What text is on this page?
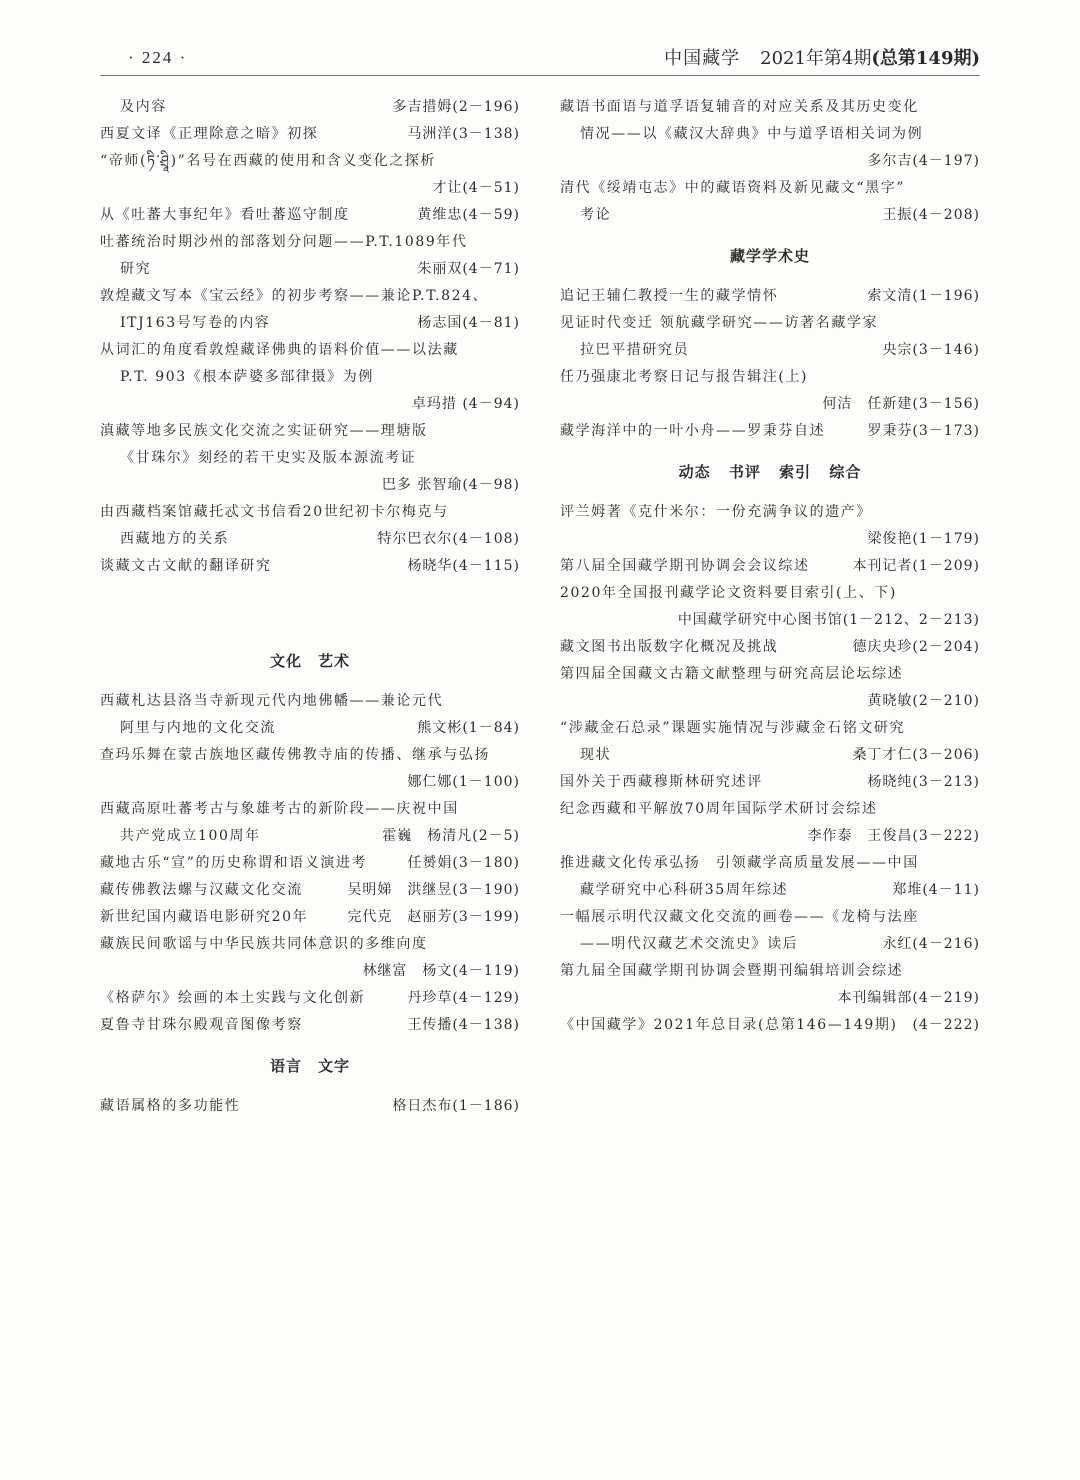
· 224 ·	中国藏学 2021年第4期(总第149期)
及内容	多吉措姆(2－196)
西夏文译《正理除意之暗》初探	马洲洋(3－138)
“帝师(ཏི་ཤྲཱི)”名号在西藏的使用和含义变化之探析
才让(4－51)
从《吐蕃大事纪年》看吐蕃巡守制度	黄维忠(4－59)
吐蕃统治时期沙州的部落划分问题——P.T.1089年代
研究	朱丽双(4－71)
敦煌藏文写本《宝云经》的初步考察——兼论P.T.824、
ITJ163号写卷的内容	杨志国(4－81)
从词汇的角度看敦煌藏译佛典的语料价值——以法藏
P.T. 903《根本萨婆多部律摄》为例
卓玛措 (4－94)
滇藏等地多民族文化交流之实证研究——理塘版
《甘珠尔》刻经的若干史实及版本源流考证
巴多 张智瑜(4－98)
由西藏档案馆藏托忒文书信看20世纪初卡尔梅克与
西藏地方的关系	特尔巴衣尔(4－108)
谈藏文古文献的翻译研究	杨晓华(4－115)
文化　艺术
西藏札达县洛当寺新现元代内地佛幡——兼论元代
阿里与内地的文化交流	熊文彬(1－84)
查玛乐舞在蒙古族地区藏传佛教寺庙的传播、继承与弘扬
娜仁娜(1－100)
西藏高原吐蕃考古与象雄考古的新阶段——庆祝中国
共产党成立100周年	霍巍　杨清凡(2－5)
藏地古乐“宣”的历史称谓和语义演进考	任赟娟(3－180)
藏传佛教法螺与汉藏文化交流	吴明娣　洪继昱(3－190)
新世纪国内藏语电影研究20年	完代克　赵丽芳(3－199)
藏族民间歌谣与中华民族共同体意识的多维向度
林继富　杨文(4－119)
《格萨尔》绘画的本土实践与文化创新	丹珍草(4－129)
夏鲁寺甘珠尔殿观音图像考察	王传播(4－138)
语言　文字
藏语属格的多功能性	格日杰布(1－186)
藏语书面语与道孚语复辅音的对应关系及其历史变化
情况——以《藏汉大辞典》中与道孚语相关词为例
多尔吉(4－197)
清代《绥靖屯志》中的藏语资料及新见藏文“黑字”
考论	王振(4－208)
藏学学术史
追记王辅仁教授一生的藏学情怀	索文清(1－196)
见证时代变迁 领航藏学研究——访著名藏学家
拉巴平措研究员	央宗(3－146)
任乃强康北考察日记与报告辑注(上)
何洁　任新建(3－156)
藏学海洋中的一叶小舟——罗秉芬自述	罗秉芬(3－173)
动态 书评 索引 综合
评兰姆著《克什米尔：一份充满争议的遗产》
梁俊艳(1－179)
第八届全国藏学期刊协调会会议综述	本刊记者(1－209)
2020年全国报刊藏学论文资料要目索引(上、下)
中国藏学研究中心图书馆(1－212、2－213)
藏文图书出版数字化概况及挑战	德庆央珍(2－204)
第四届全国藏文古籍文献整理与研究高层论坛综述
黄晓敏(2－210)
“涉藏金石总录”课题实施情况与涉藏金石铭文研究
现状	桑丁才仁(3－206)
国外关于西藏穆斯林研究述评	杨晓纯(3－213)
纪念西藏和平解放70周年国际学术研讨会综述
李作泰　王俊昌(3－222)
推进藏文化传承弘扬　引领藏学高质量发展——中国
藏学研究中心科研35周年综述	郑堆(4－11)
一幅展示明代汉藏文化交流的画卷——《龙椅与法座
——明代汉藏艺术交流史》读后	永红(4－216)
第九届全国藏学期刊协调会暨期刊编辑培训会综述
本刊编辑部(4－219)
《中国藏学》2021年总目录(总第146—149期) (4－222)
